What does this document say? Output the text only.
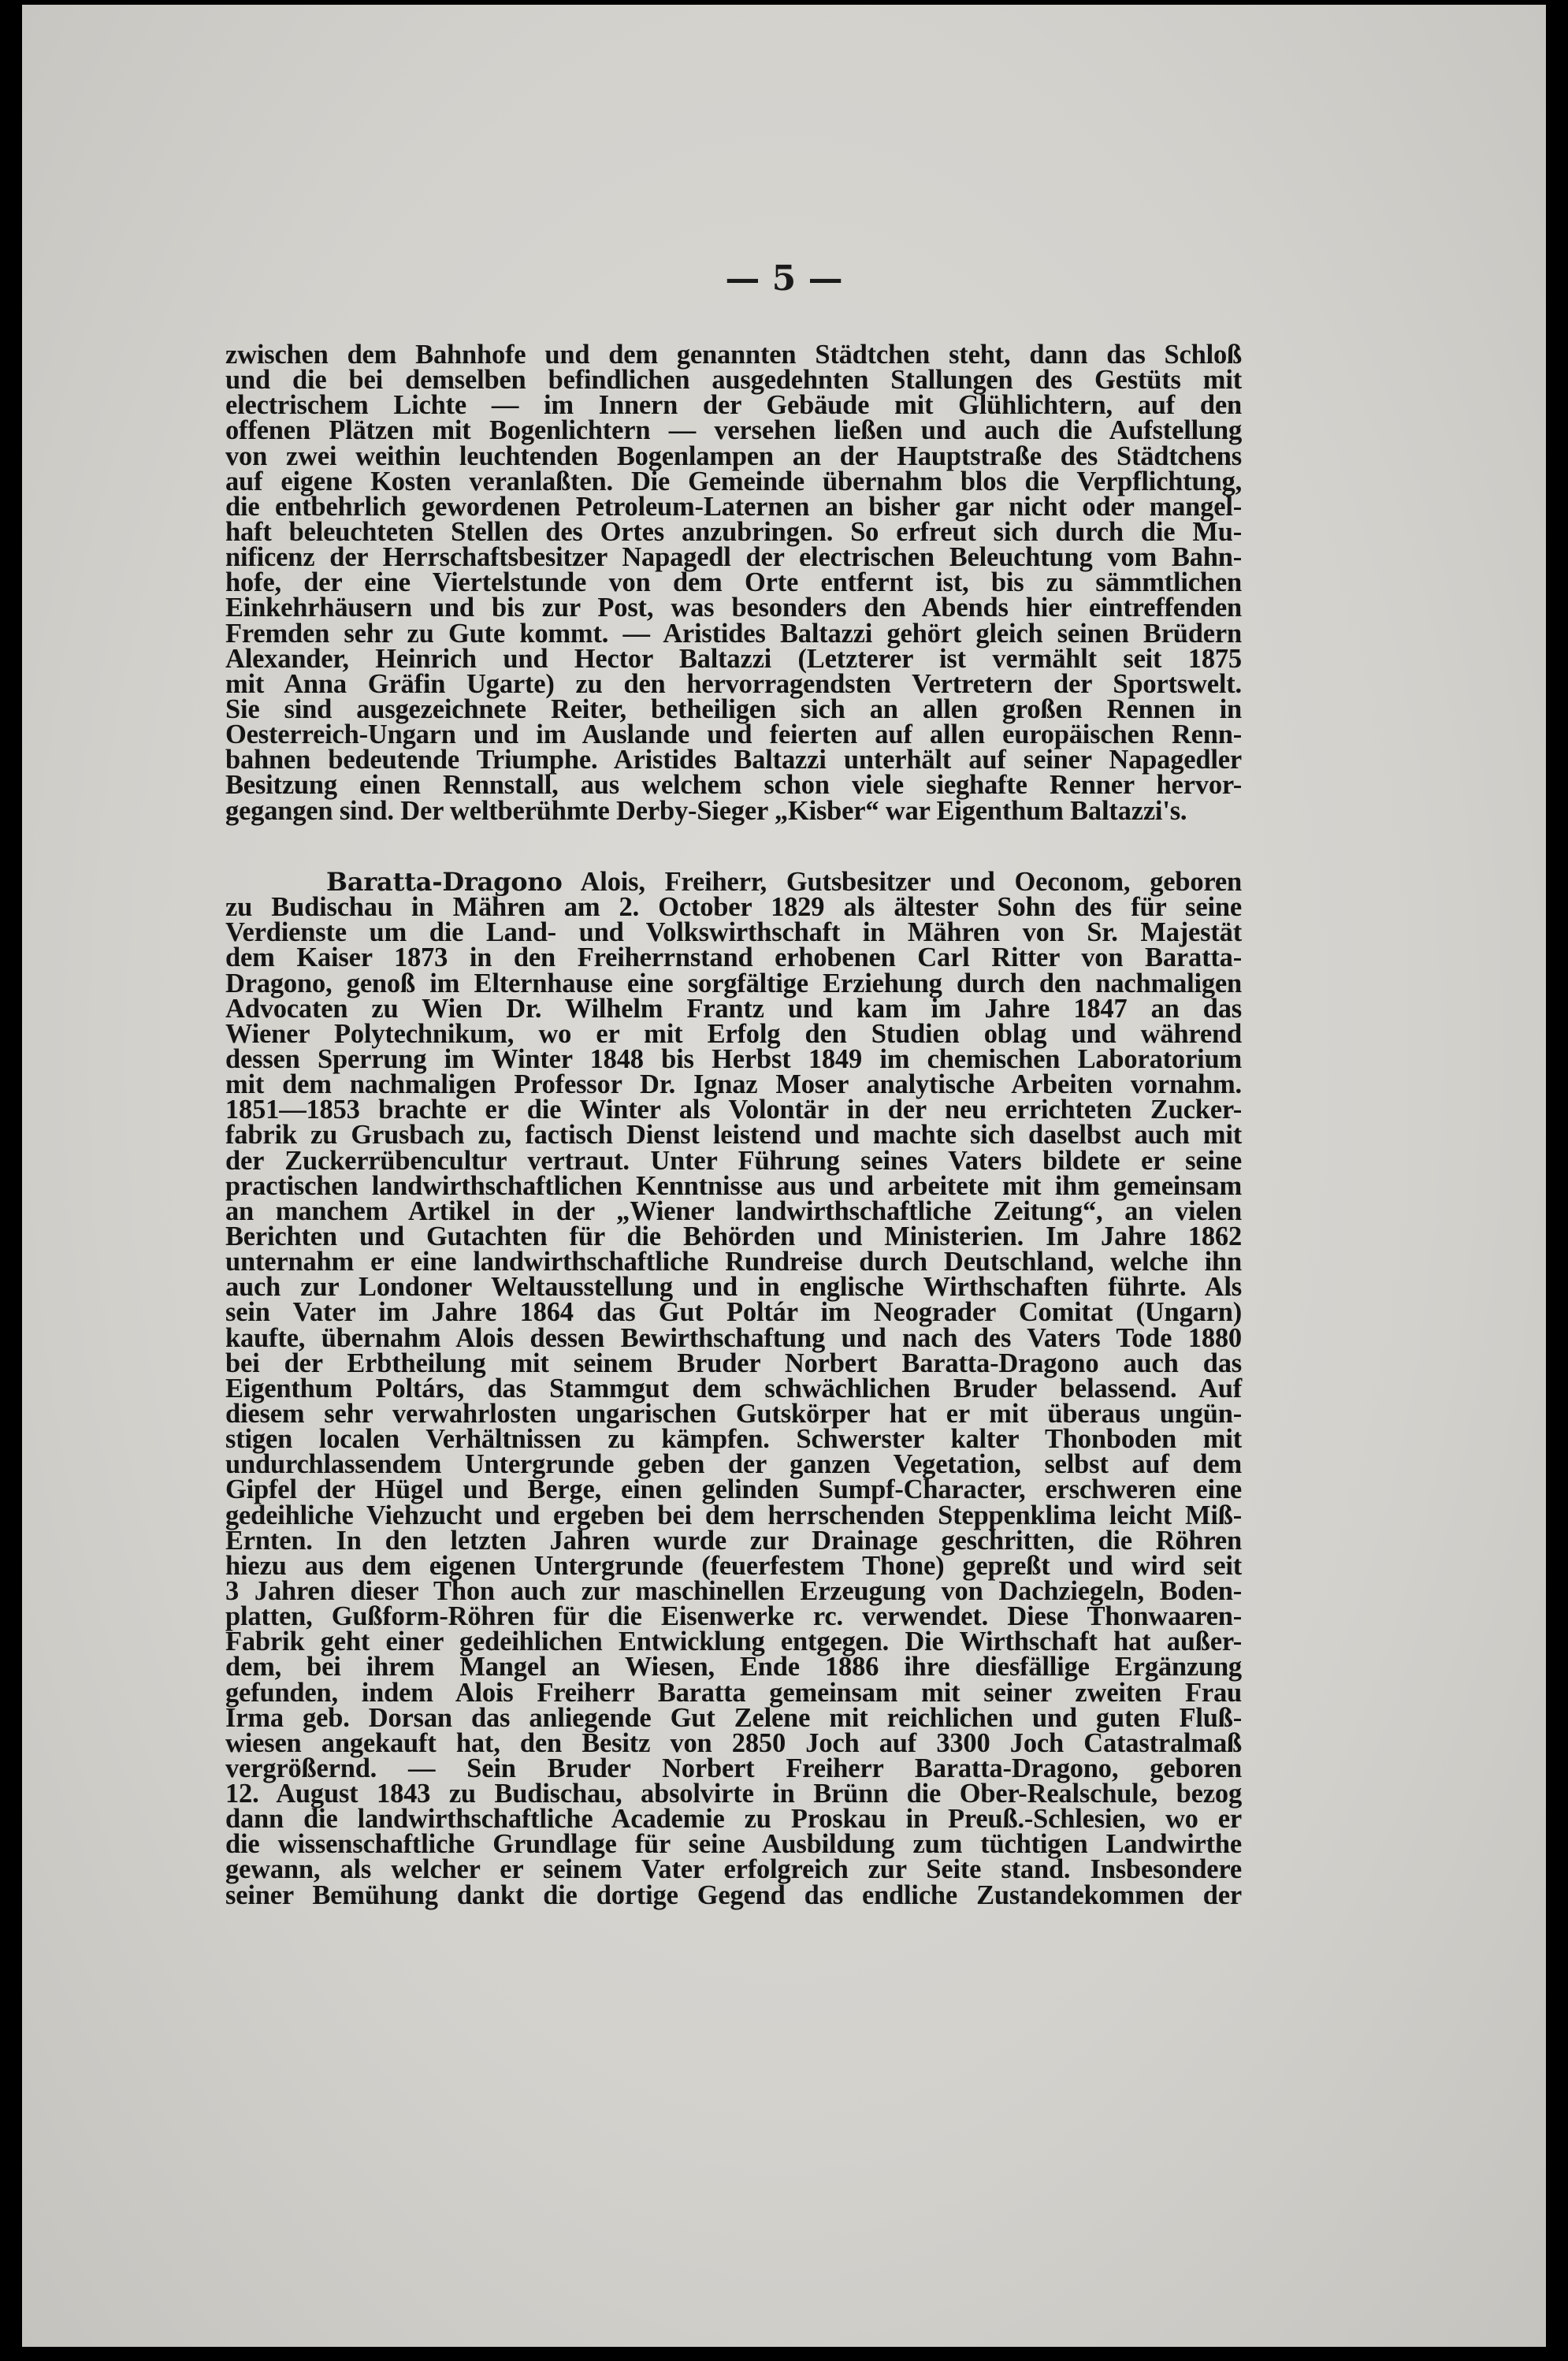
— 5 —
zwischen dem Bahnhofe und dem genannten Städtchen steht, dann das Schloß
und die bei demselben befindlichen ausgedehnten Stallungen des Gestüts mit
electrischem Lichte — im Innern der Gebäude mit Glühlichtern, auf den
offenen Plätzen mit Bogenlichtern — versehen ließen und auch die Aufstellung
von zwei weithin leuchtenden Bogenlampen an der Hauptstraße des Städtchens
auf eigene Kosten veranlaßten. Die Gemeinde übernahm blos die Verpflichtung,
die entbehrlich gewordenen Petroleum-Laternen an bisher gar nicht oder mangel-
haft beleuchteten Stellen des Ortes anzubringen. So erfreut sich durch die Mu-
nificenz der Herrschaftsbesitzer Napagedl der electrischen Beleuchtung vom Bahn-
hofe, der eine Viertelstunde von dem Orte entfernt ist, bis zu sämmtlichen
Einkehrhäusern und bis zur Post, was besonders den Abends hier eintreffenden
Fremden sehr zu Gute kommt. — Aristides Baltazzi gehört gleich seinen Brüdern
Alexander, Heinrich und Hector Baltazzi (Letzterer ist vermählt seit 1875
mit Anna Gräfin Ugarte) zu den hervorragendsten Vertretern der Sportswelt.
Sie sind ausgezeichnete Reiter, betheiligen sich an allen großen Rennen in
Oesterreich-Ungarn und im Auslande und feierten auf allen europäischen Renn-
bahnen bedeutende Triumphe. Aristides Baltazzi unterhält auf seiner Napagedler
Besitzung einen Rennstall, aus welchem schon viele sieghafte Renner hervor-
gegangen sind. Der weltberühmte Derby-Sieger „Kisber“ war Eigenthum Baltazzi's.
Baratta-Dragono Alois, Freiherr, Gutsbesitzer und Oeconom, geboren
zu Budischau in Mähren am 2. October 1829 als ältester Sohn des für seine
Verdienste um die Land- und Volkswirthschaft in Mähren von Sr. Majestät
dem Kaiser 1873 in den Freiherrnstand erhobenen Carl Ritter von Baratta-
Dragono, genoß im Elternhause eine sorgfältige Erziehung durch den nachmaligen
Advocaten zu Wien Dr. Wilhelm Frantz und kam im Jahre 1847 an das
Wiener Polytechnikum, wo er mit Erfolg den Studien oblag und während
dessen Sperrung im Winter 1848 bis Herbst 1849 im chemischen Laboratorium
mit dem nachmaligen Professor Dr. Ignaz Moser analytische Arbeiten vornahm.
1851—1853 brachte er die Winter als Volontär in der neu errichteten Zucker-
fabrik zu Grusbach zu, factisch Dienst leistend und machte sich daselbst auch mit
der Zuckerrübencultur vertraut. Unter Führung seines Vaters bildete er seine
practischen landwirthschaftlichen Kenntnisse aus und arbeitete mit ihm gemeinsam
an manchem Artikel in der „Wiener landwirthschaftliche Zeitung“, an vielen
Berichten und Gutachten für die Behörden und Ministerien. Im Jahre 1862
unternahm er eine landwirthschaftliche Rundreise durch Deutschland, welche ihn
auch zur Londoner Weltausstellung und in englische Wirthschaften führte. Als
sein Vater im Jahre 1864 das Gut Poltár im Neograder Comitat (Ungarn)
kaufte, übernahm Alois dessen Bewirthschaftung und nach des Vaters Tode 1880
bei der Erbtheilung mit seinem Bruder Norbert Baratta-Dragono auch das
Eigenthum Poltárs, das Stammgut dem schwächlichen Bruder belassend. Auf
diesem sehr verwahrlosten ungarischen Gutskörper hat er mit überaus ungün-
stigen localen Verhältnissen zu kämpfen. Schwerster kalter Thonboden mit
undurchlassendem Untergrunde geben der ganzen Vegetation, selbst auf dem
Gipfel der Hügel und Berge, einen gelinden Sumpf-Character, erschweren eine
gedeihliche Viehzucht und ergeben bei dem herrschenden Steppenklima leicht Miß-
Ernten. In den letzten Jahren wurde zur Drainage geschritten, die Röhren
hiezu aus dem eigenen Untergrunde (feuerfestem Thone) gepreßt und wird seit
3 Jahren dieser Thon auch zur maschinellen Erzeugung von Dachziegeln, Boden-
platten, Gußform-Röhren für die Eisenwerke rc. verwendet. Diese Thonwaaren-
Fabrik geht einer gedeihlichen Entwicklung entgegen. Die Wirthschaft hat außer-
dem, bei ihrem Mangel an Wiesen, Ende 1886 ihre diesfällige Ergänzung
gefunden, indem Alois Freiherr Baratta gemeinsam mit seiner zweiten Frau
Irma geb. Dorsan das anliegende Gut Zelene mit reichlichen und guten Fluß-
wiesen angekauft hat, den Besitz von 2850 Joch auf 3300 Joch Catastralmaß
vergrößernd. — Sein Bruder Norbert Freiherr Baratta-Dragono, geboren
12. August 1843 zu Budischau, absolvirte in Brünn die Ober-Realschule, bezog
dann die landwirthschaftliche Academie zu Proskau in Preuß.-Schlesien, wo er
die wissenschaftliche Grundlage für seine Ausbildung zum tüchtigen Landwirthe
gewann, als welcher er seinem Vater erfolgreich zur Seite stand. Insbesondere
seiner Bemühung dankt die dortige Gegend das endliche Zustandekommen der
